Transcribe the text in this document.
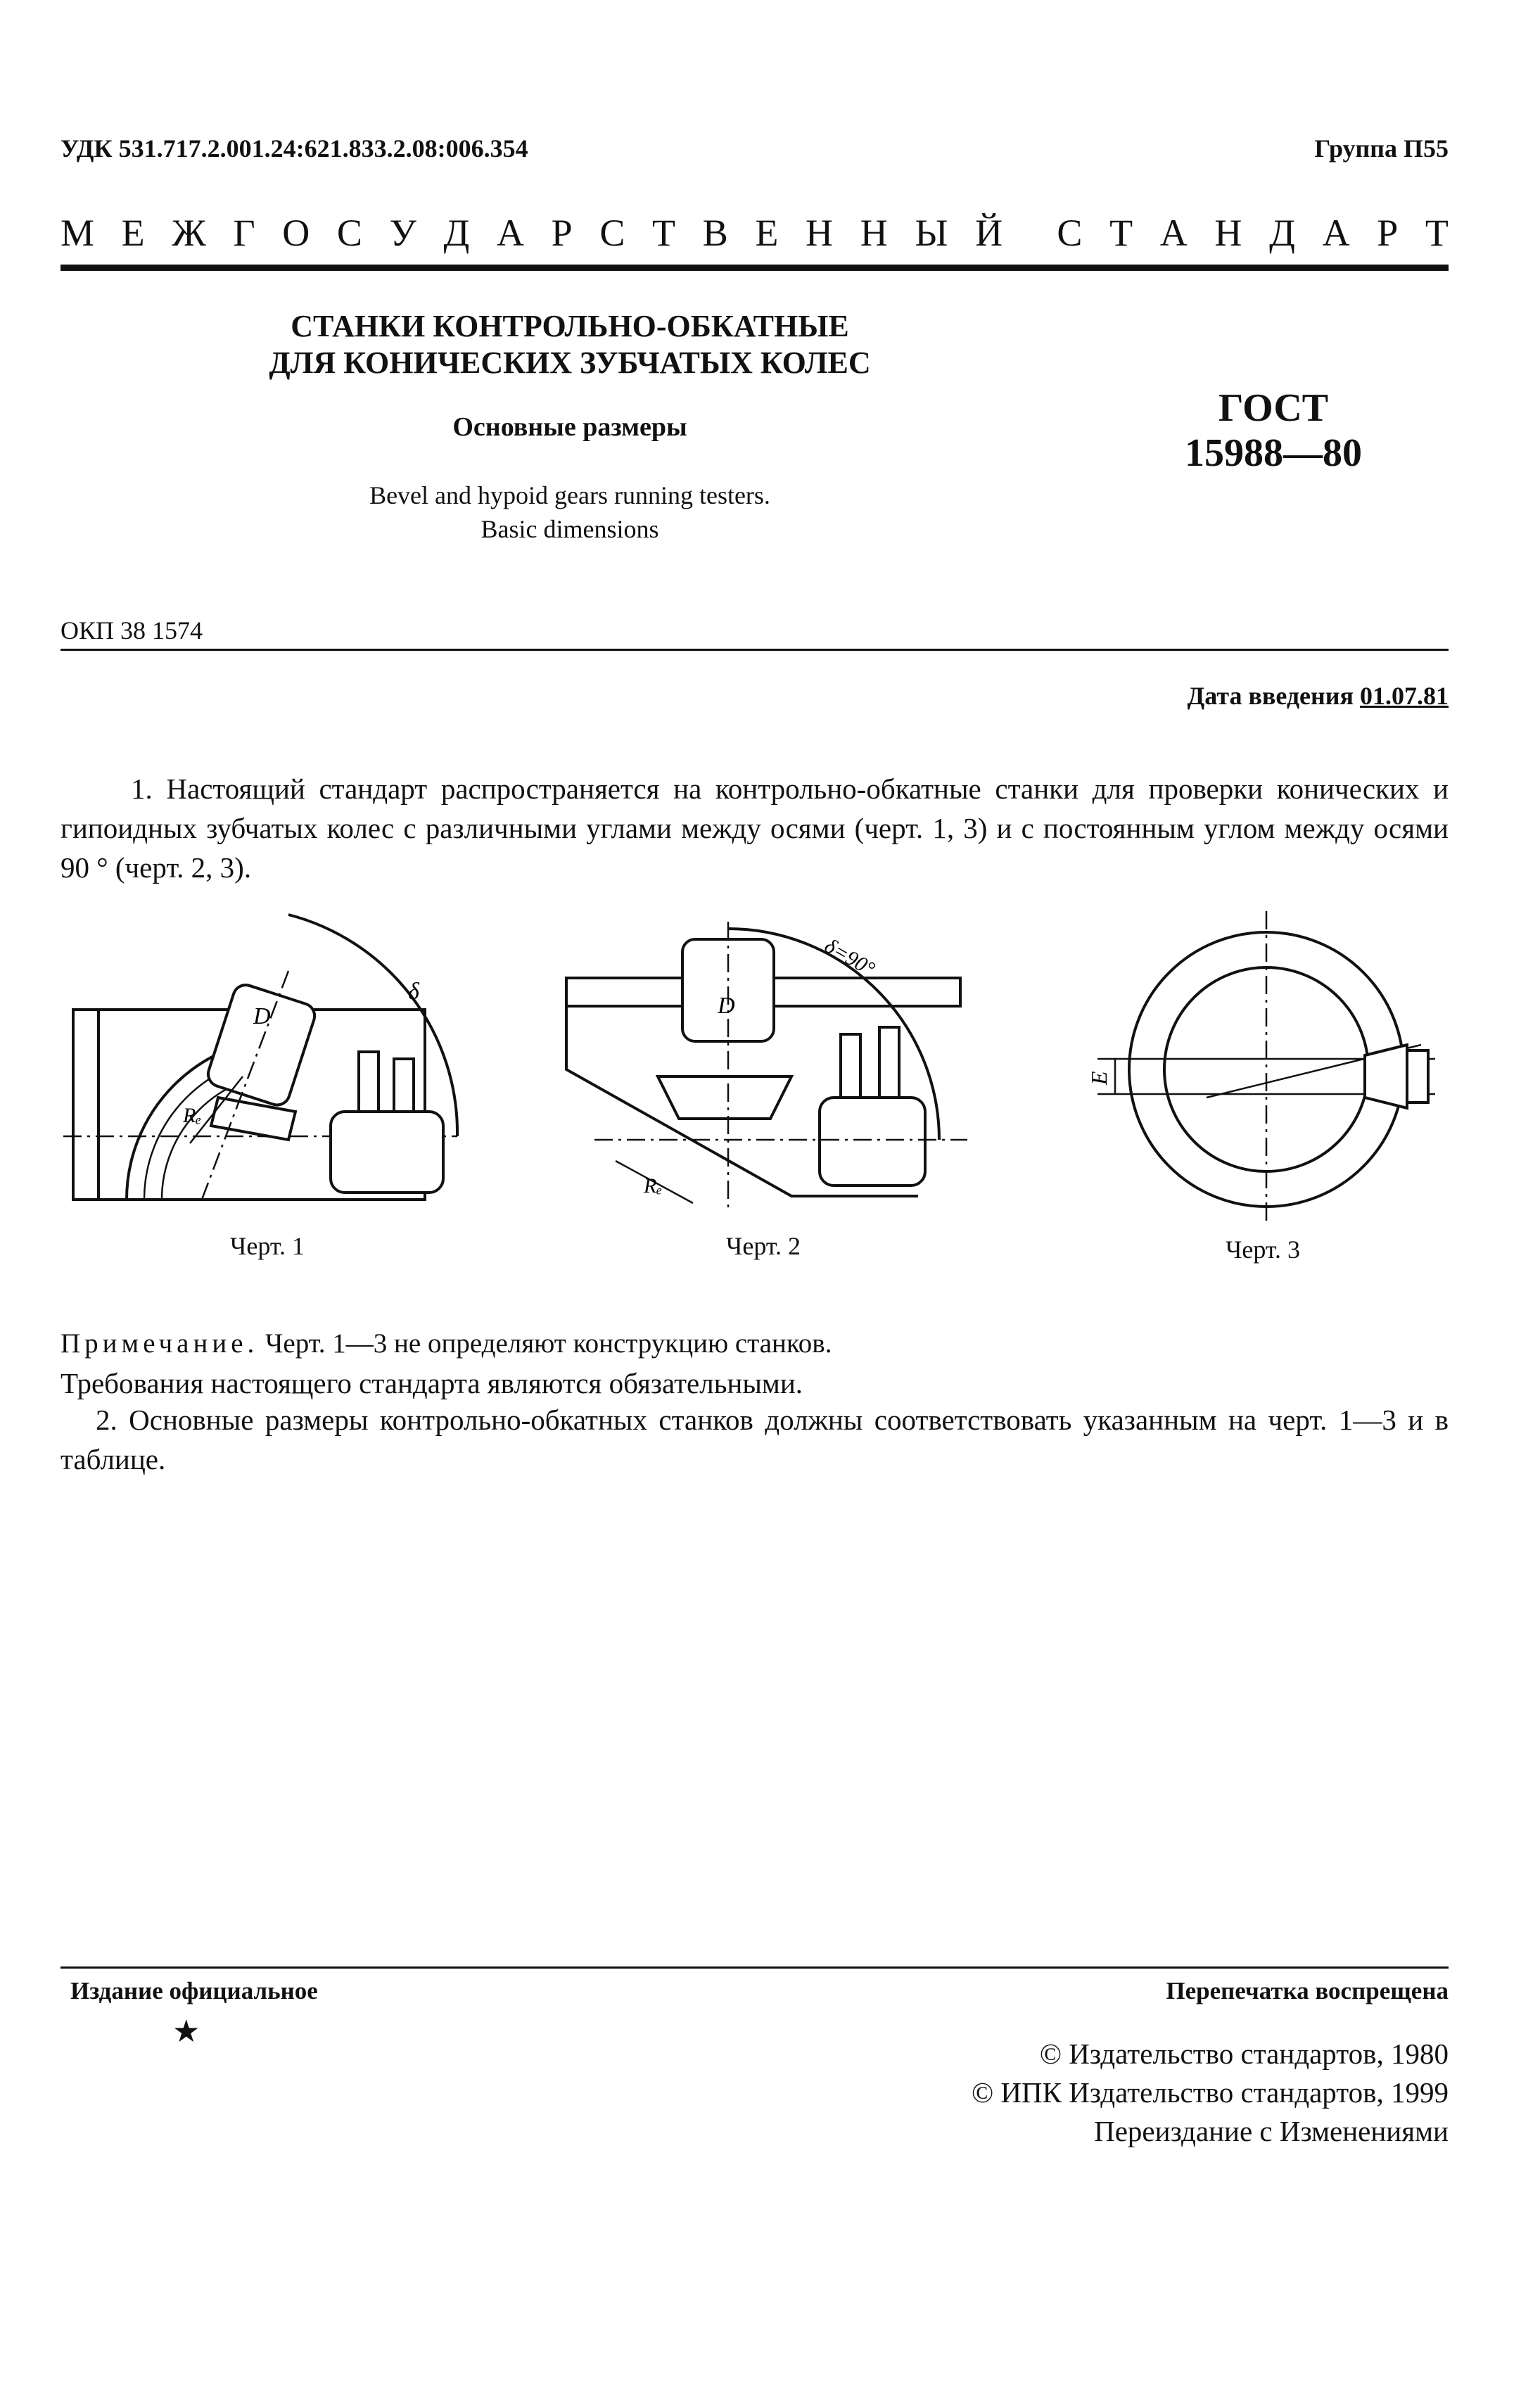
УДК 531.717.2.001.24:621.833.2.08:006.354	Группа П55
М Е Ж Г О С У Д А Р С Т В Е Н Н Ы Й С Т А Н Д А Р Т
СТАНКИ КОНТРОЛЬНО-ОБКАТНЫЕ
ДЛЯ КОНИЧЕСКИХ ЗУБЧАТЫХ КОЛЕС
Основные размеры
Bevel and hypoid gears running testers.
Basic dimensions
ГОСТ
15988—80
ОКП 38 1574
Дата введения 01.07.81
1. Настоящий стандарт распространяется на контрольно-обкатные станки для проверки конических и гипоидных зубчатых колес с различными углами между осями (черт. 1, 3) и с постоянным углом между осями 90 ° (черт. 2, 3).
D
Rₑ
δ
Черт. 1
D
Rₑ
δ=90°
Черт. 2
E
Черт. 3
Примечание. Черт. 1—3 не определяют конструкцию станков.
Требования настоящего стандарта являются обязательными.
2. Основные размеры контрольно-обкатных станков должны соответствовать указанным на черт. 1—3 и в таблице.
Издание официальное	Перепечатка воспрещена
★
© Издательство стандартов, 1980
© ИПК Издательство стандартов, 1999
Переиздание с Изменениями
